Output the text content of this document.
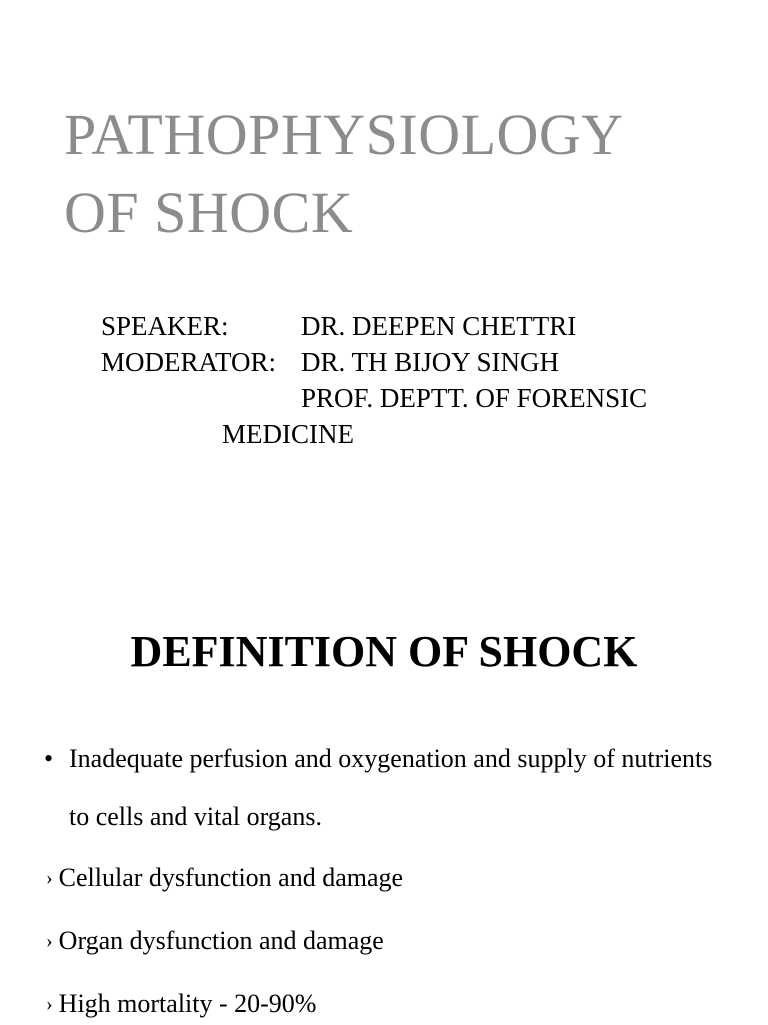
PATHOPHYSIOLOGY
OF SHOCK
SPEAKER:	DR. DEEPEN CHETTRI
MODERATOR: DR. TH BIJOY SINGH
PROF. DEPTT. OF FORENSIC
MEDICINE
DEFINITION OF SHOCK
• Inadequate perfusion and oxygenation and supply of nutrients to cells and vital organs.
› Cellular dysfunction and damage
› Organ dysfunction and damage
› High mortality - 20-90%
